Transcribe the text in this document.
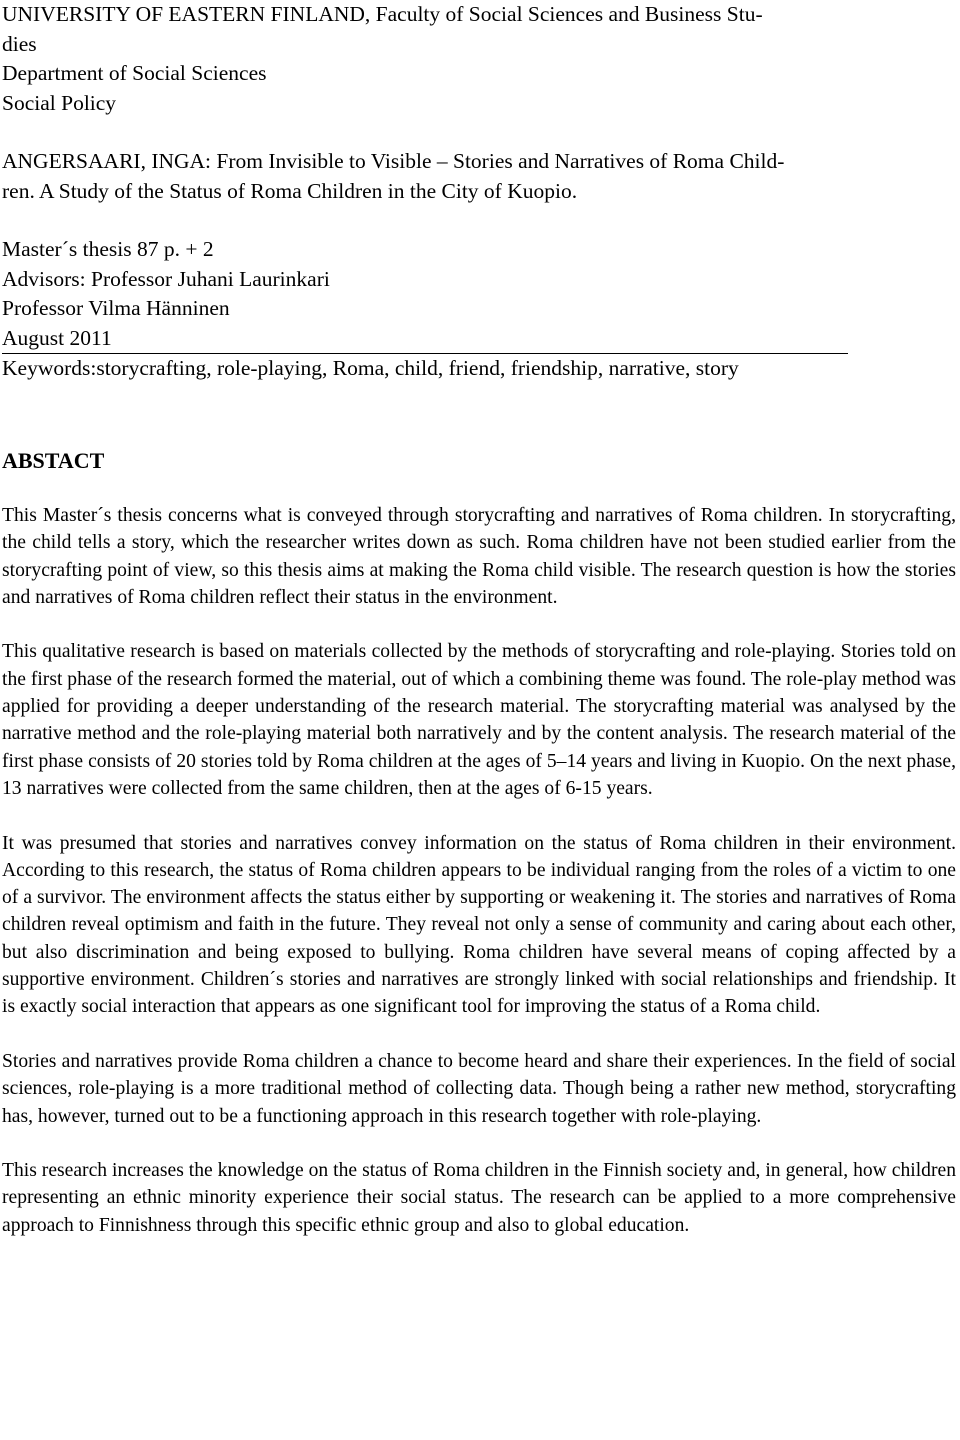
UNIVERSITY OF EASTERN FINLAND, Faculty of Social Sciences and Business Stu-
dies
Department of Social Sciences
Social Policy
ANGERSAARI, INGA: From Invisible to Visible – Stories and Narratives of Roma Child-
ren. A Study of the Status of Roma Children in the City of Kuopio.
Master´s thesis 87 p. + 2
Advisors: Professor Juhani Laurinkari
Professor Vilma Hänninen
August 2011
Keywords:storycrafting, role-playing, Roma, child, friend, friendship, narrative, story
ABSTACT

This Master´s thesis concerns what is conveyed through storycrafting and narratives of Roma children. In storycrafting, the child tells a story, which the researcher writes down as such. Roma children have not been studied earlier from the storycrafting point of view, so this thesis aims at making the Roma child visible. The research question is how the stories and narratives of Roma children reflect their status in the environment.

This qualitative research is based on materials collected by the methods of storycrafting and role-playing. Stories told on the first phase of the research formed the material, out of which a combining theme was found. The role-play method was applied for providing a deeper understanding of the research material. The storycrafting material was analysed by the narrative method and the role-playing material both narratively and by the content analysis. The research material of the first phase consists of 20 stories told by Roma children at the ages of 5–14 years and living in Kuopio. On the next phase, 13 narratives were collected from the same children, then at the ages of 6-15 years.

It was presumed that stories and narratives convey information on the status of Roma children in their environment. According to this research, the status of Roma children appears to be individual ranging from the roles of a victim to one of a survivor. The environment affects the status either by supporting or weakening it. The stories and narratives of Roma children reveal optimism and faith in the future. They reveal not only a sense of community and caring about each other, but also discrimination and being exposed to bullying. Roma children have several means of coping affected by a supportive environment. Children´s stories and narratives are strongly linked with social relationships and friendship. It is exactly social interaction that appears as one significant tool for improving the status of a Roma child.

Stories and narratives provide Roma children a chance to become heard and share their experiences. In the field of social sciences, role-playing is a more traditional method of collecting data. Though being a rather new method, storycrafting has, however, turned out to be a functioning approach in this research together with role-playing.

This research increases the knowledge on the status of Roma children in the Finnish society and, in general, how children representing an ethnic minority experience their social status. The research can be applied to a more comprehensive approach to Finnishness through this specific ethnic group and also to global education.
